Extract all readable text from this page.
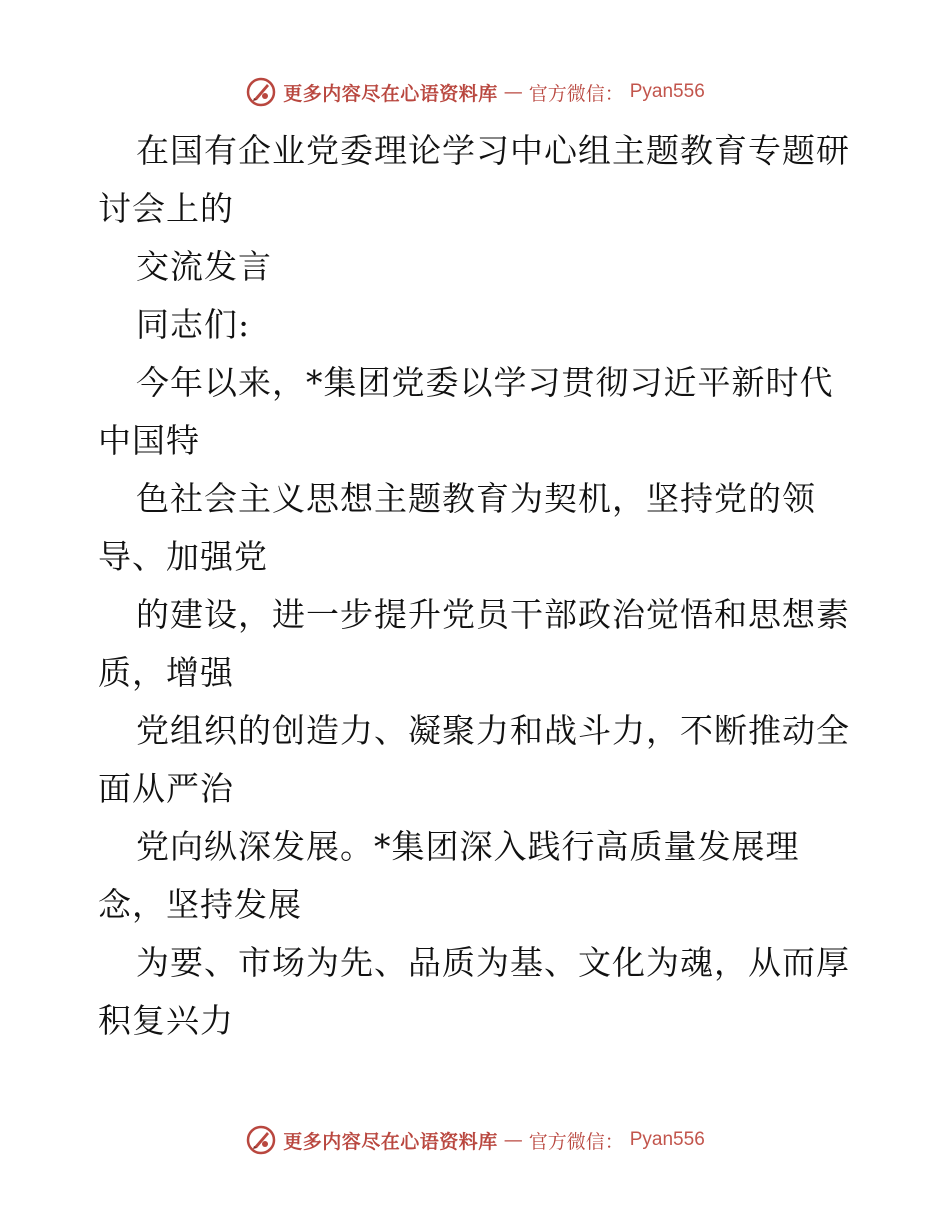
更多内容尽在心语资料库 — 官方微信： Pyan556
在国有企业党委理论学习中心组主题教育专题研
讨会上的
交流发言
同志们:
今年以来，*集团党委以学习贯彻习近平新时代
中国特
色社会主义思想主题教育为契机，坚持党的领
导、加强党
的建设，进一步提升党员干部政治觉悟和思想素
质，增强
党组织的创造力、凝聚力和战斗力，不断推动全
面从严治
党向纵深发展。*集团深入践行高质量发展理
念，坚持发展
为要、市场为先、品质为基、文化为魂，从而厚
积复兴力
更多内容尽在心语资料库 — 官方微信： Pyan556
